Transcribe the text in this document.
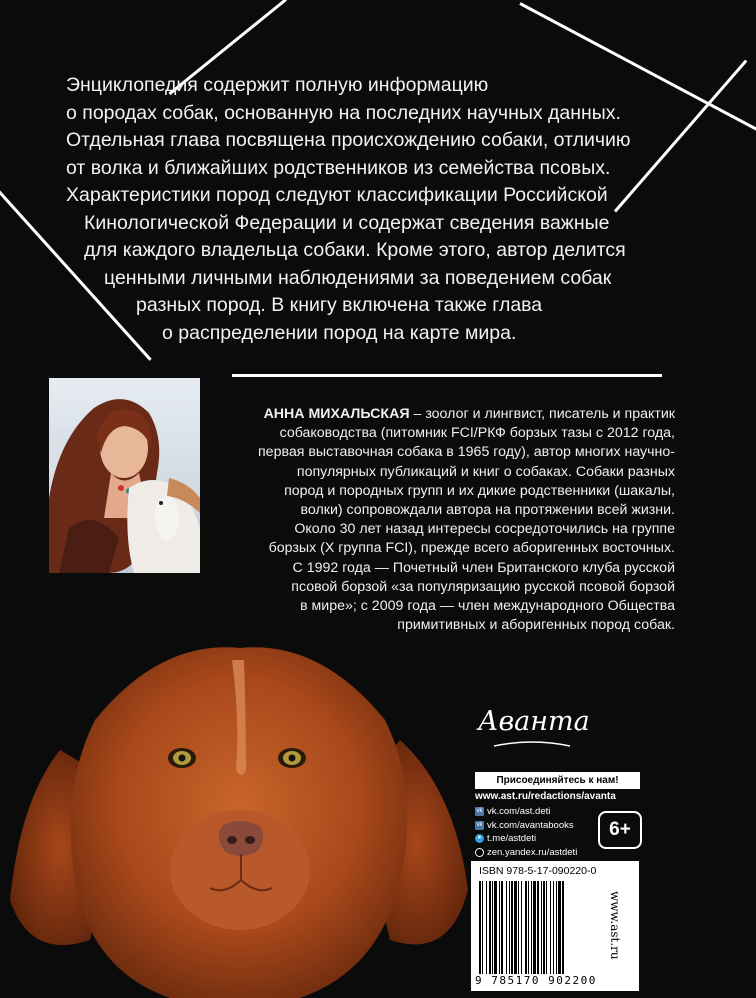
Энциклопедия содержит полную информацию
о породах собак, основанную на последних научных данных.
Отдельная глава посвящена происхождению собаки, отличию
от волка и ближайших родственников из семейства псовых.
Характеристики пород следуют классификации Российской
Кинологической Федерации и содержат сведения важные
для каждого владельца собаки. Кроме этого, автор делится
ценными личными наблюдениями за поведением собак
разных пород. В книгу включена также глава
о распределении пород на карте мира.
АННА МИХАЛЬСКАЯ – зоолог и лингвист, писатель и практик
собаководства (питомник FCI/РКФ борзых тазы с 2012 года,
первая выставочная собака в 1965 году), автор многих научно-
популярных публикаций и книг о собаках. Собаки разных
пород и породных групп и их дикие родственники (шакалы,
волки) сопровождали автора на протяжении всей жизни.
Около 30 лет назад интересы сосредоточились на группе
борзых (X группа FCI), прежде всего аборигенных восточных.
С 1992 года — Почетный член Британского клуба русской
псовой борзой «за популяризацию русской псовой борзой
в мире»; с 2009 года — член международного Общества
примитивных и аборигенных пород собак.
Аванта
Присоединяйтесь к нам!
www.ast.ru/redactions/avanta
vk vk.com/ast.deti
vk vk.com/avantabooks
➤ t.me/astdeti
zen.yandex.ru/astdeti
6+
ISBN 978-5-17-090220-0
9 785170 902200
www.ast.ru
